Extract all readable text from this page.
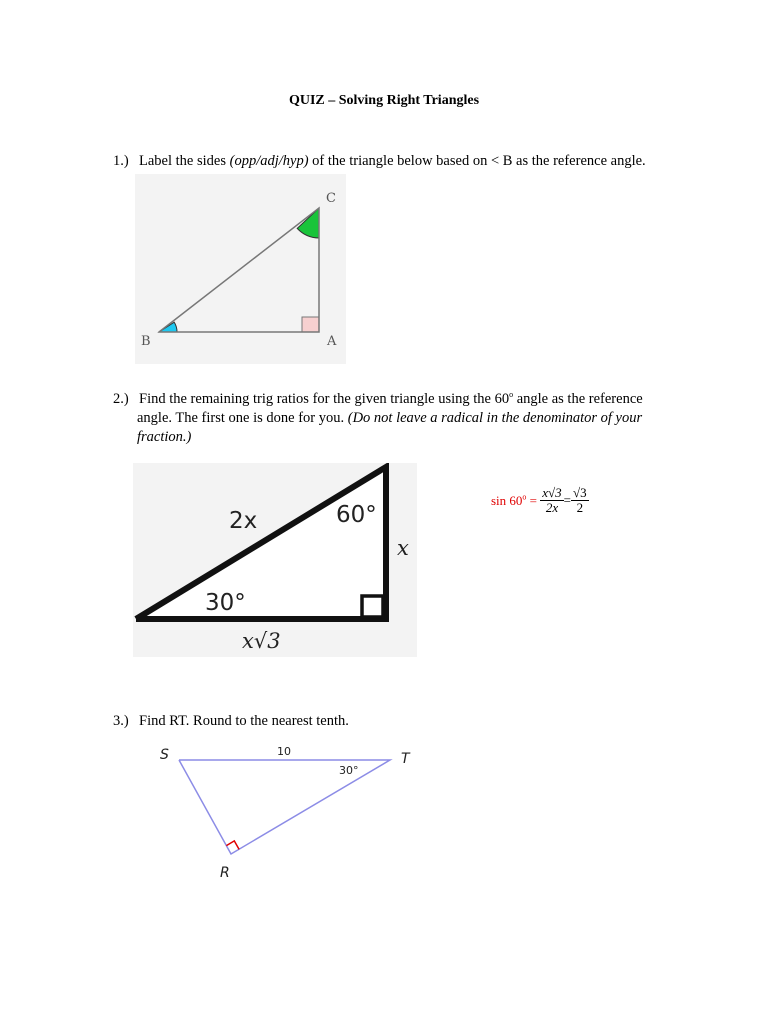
QUIZ – Solving Right Triangles
1.) Label the sides (opp/adj/hyp) of the triangle below based on < B as the reference angle.
B	A
C
2.) Find the remaining trig ratios for the given triangle using the 60$^o$ angle as the reference
angle. The first one is done for you. (Do not leave a radical in the denominator of your
fraction.)
2x	60°
x
30°
x√3
$\sin 60^o = \frac{x√3}{2x} = \frac{√3}{2}$
3.) Find RT. Round to the nearest tenth.
S	T
R
10
30°
